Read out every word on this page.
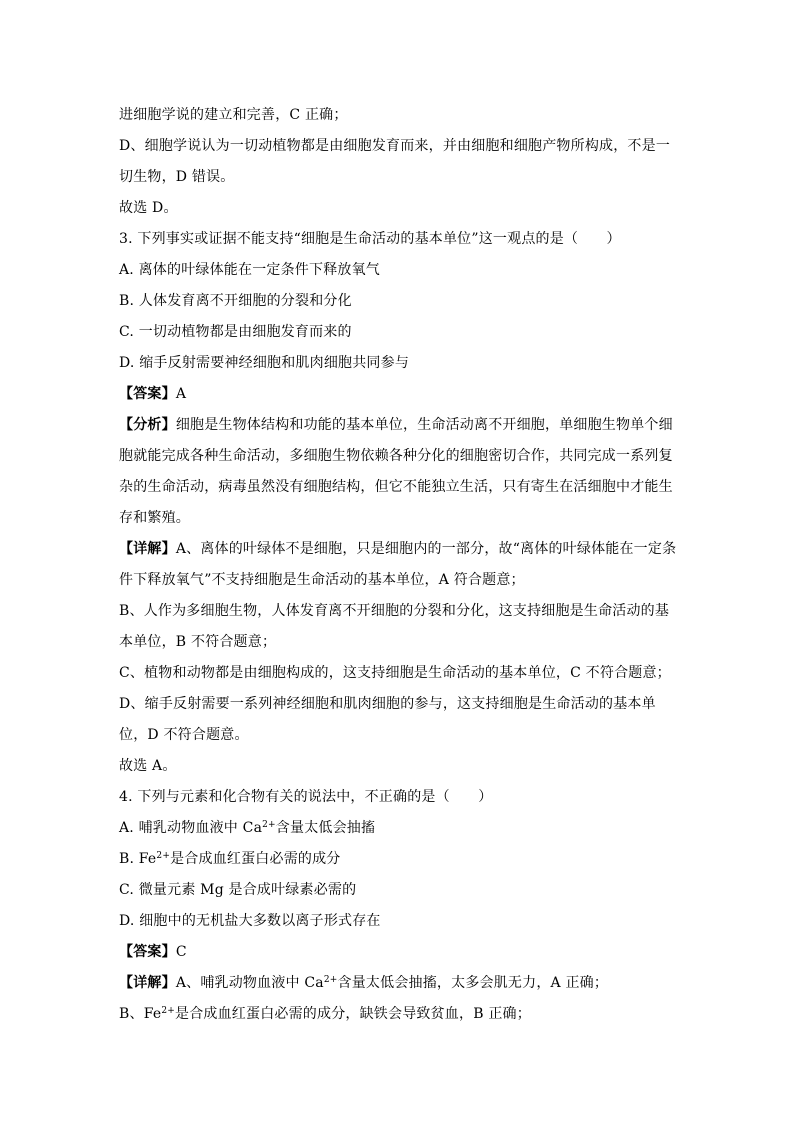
进细胞学说的建立和完善，C 正确；
D、细胞学说认为一切动植物都是由细胞发育而来，并由细胞和细胞产物所构成，不是一
切生物，D 错误。
故选 D。
3. 下列事实或证据不能支持“细胞是生命活动的基本单位”这一观点的是（　　）
A. 离体的叶绿体能在一定条件下释放氧气
B. 人体发育离不开细胞的分裂和分化
C. 一切动植物都是由细胞发育而来的
D. 缩手反射需要神经细胞和肌肉细胞共同参与
【答案】A
【分析】细胞是生物体结构和功能的基本单位，生命活动离不开细胞，单细胞生物单个细
胞就能完成各种生命活动，多细胞生物依赖各种分化的细胞密切合作，共同完成一系列复
杂的生命活动，病毒虽然没有细胞结构，但它不能独立生活，只有寄生在活细胞中才能生
存和繁殖。
【详解】A、离体的叶绿体不是细胞，只是细胞内的一部分，故“离体的叶绿体能在一定条
件下释放氧气”不支持细胞是生命活动的基本单位，A 符合题意；
B、人作为多细胞生物，人体发育离不开细胞的分裂和分化，这支持细胞是生命活动的基
本单位，B 不符合题意；
C、植物和动物都是由细胞构成的，这支持细胞是生命活动的基本单位，C 不符合题意；
D、缩手反射需要一系列神经细胞和肌肉细胞的参与，这支持细胞是生命活动的基本单
位，D 不符合题意。
故选 A。
4. 下列与元素和化合物有关的说法中，不正确的是（　　）
A. 哺乳动物血液中 $Ca^{2+}$含量太低会抽搐
B. $Fe^{2+}$是合成血红蛋白必需的成分
C. 微量元素 Mg 是合成叶绿素必需的
D. 细胞中的无机盐大多数以离子形式存在
【答案】C
【详解】A、哺乳动物血液中 $Ca^{2+}$含量太低会抽搐，太多会肌无力，A 正确；
B、$Fe^{2+}$是合成血红蛋白必需的成分，缺铁会导致贫血，B 正确；
